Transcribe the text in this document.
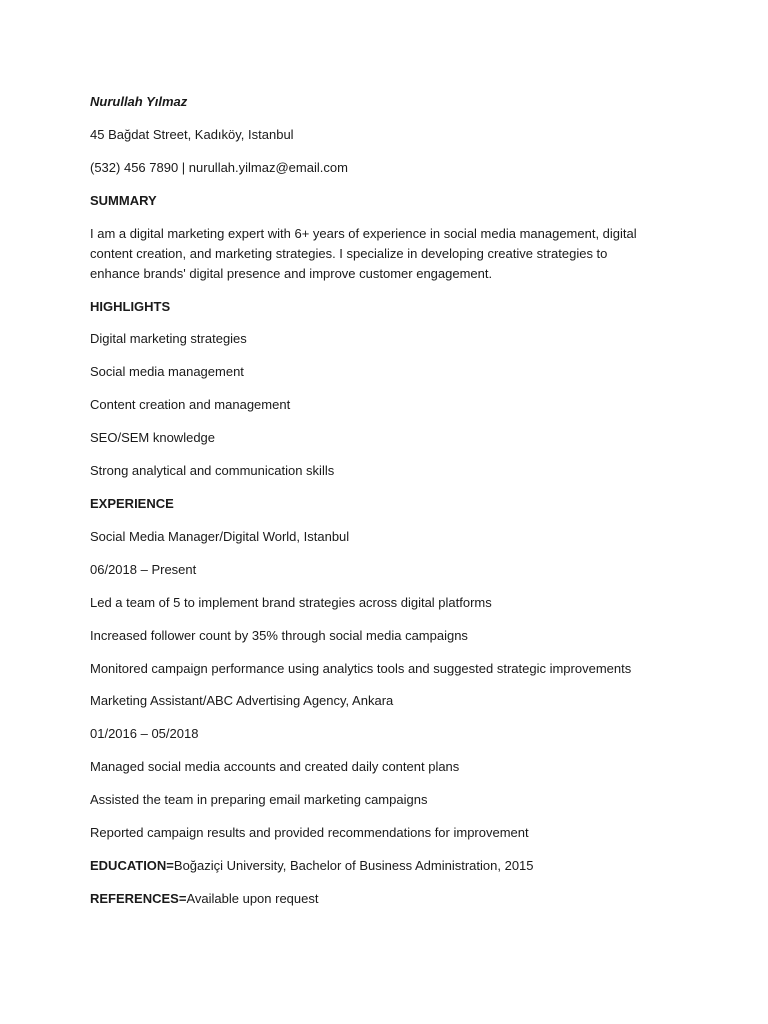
Nurullah Yılmaz
45 Bağdat Street, Kadıköy, Istanbul
(532) 456 7890 | nurullah.yilmaz@email.com
SUMMARY
I am a digital marketing expert with 6+ years of experience in social media management, digital content creation, and marketing strategies. I specialize in developing creative strategies to enhance brands' digital presence and improve customer engagement.
HIGHLIGHTS
Digital marketing strategies
Social media management
Content creation and management
SEO/SEM knowledge
Strong analytical and communication skills
EXPERIENCE
Social Media Manager/Digital World, Istanbul
06/2018 – Present
Led a team of 5 to implement brand strategies across digital platforms
Increased follower count by 35% through social media campaigns
Monitored campaign performance using analytics tools and suggested strategic improvements
Marketing Assistant/ABC Advertising Agency, Ankara
01/2016 – 05/2018
Managed social media accounts and created daily content plans
Assisted the team in preparing email marketing campaigns
Reported campaign results and provided recommendations for improvement
EDUCATION=Boğaziçi University, Bachelor of Business Administration, 2015
REFERENCES=Available upon request
